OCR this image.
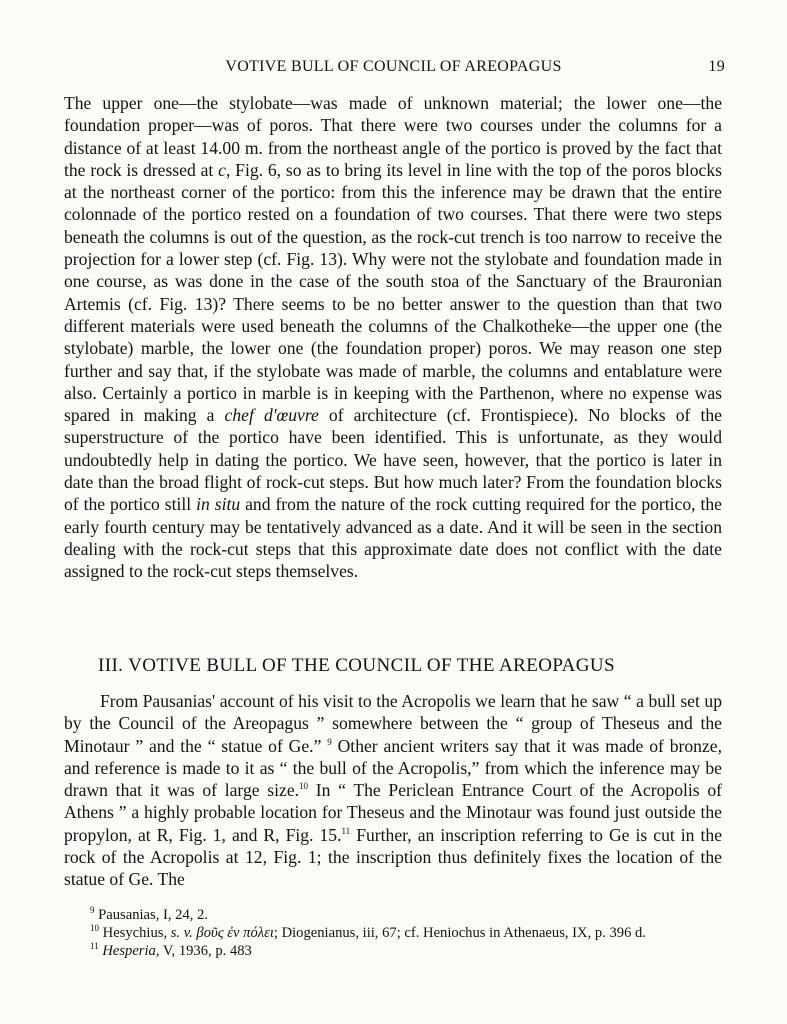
VOTIVE BULL OF COUNCIL OF AREOPAGUS	19

The upper one—the stylobate—was made of unknown material; the lower one—the foundation proper—was of poros. That there were two courses under the columns for a distance of at least 14.00 m. from the northeast angle of the portico is proved by the fact that the rock is dressed at c, Fig. 6, so as to bring its level in line with the top of the poros blocks at the northeast corner of the portico: from this the inference may be drawn that the entire colonnade of the portico rested on a foundation of two courses. That there were two steps beneath the columns is out of the question, as the rock-cut trench is too narrow to receive the projection for a lower step (cf. Fig. 13). Why were not the stylobate and foundation made in one course, as was done in the case of the south stoa of the Sanctuary of the Brauronian Artemis (cf. Fig. 13)? There seems to be no better answer to the question than that two different materials were used beneath the columns of the Chalkotheke—the upper one (the stylobate) marble, the lower one (the foundation proper) poros. We may reason one step further and say that, if the stylobate was made of marble, the columns and entablature were also. Certainly a portico in marble is in keeping with the Parthenon, where no expense was spared in making a chef d'œuvre of architecture (cf. Frontispiece). No blocks of the superstructure of the portico have been identified. This is unfortunate, as they would undoubtedly help in dating the portico. We have seen, however, that the portico is later in date than the broad flight of rock-cut steps. But how much later? From the foundation blocks of the portico still in situ and from the nature of the rock cutting required for the portico, the early fourth century may be tentatively advanced as a date. And it will be seen in the section dealing with the rock-cut steps that this approximate date does not conflict with the date assigned to the rock-cut steps themselves.

III. VOTIVE BULL OF THE COUNCIL OF THE AREOPAGUS

From Pausanias' account of his visit to the Acropolis we learn that he saw “ a bull set up by the Council of the Areopagus ” somewhere between the “ group of Theseus and the Minotaur ” and the “ statue of Ge.” $^9$ Other ancient writers say that it was made of bronze, and reference is made to it as “ the bull of the Acropolis,” from which the inference may be drawn that it was of large size.$^{10}$ In “ The Periclean Entrance Court of the Acropolis of Athens ” a highly probable location for Theseus and the Minotaur was found just outside the propylon, at R, Fig. 1, and R, Fig. 15.11 Further, an inscription referring to Ge is cut in the rock of the Acropolis at 12, Fig. 1; the inscription thus definitely fixes the location of the statue of Ge. The

$^9$ Pausanias, I, 24, 2.
$^{10}$ Hesychius, s. v. βοῦς ἐν πόλει; Diogenianus, iii, 67; cf. Heniochus in Athenaeus, IX, p. 396 d.
$^{11}$ Hesperia, V, 1936, p. 483
